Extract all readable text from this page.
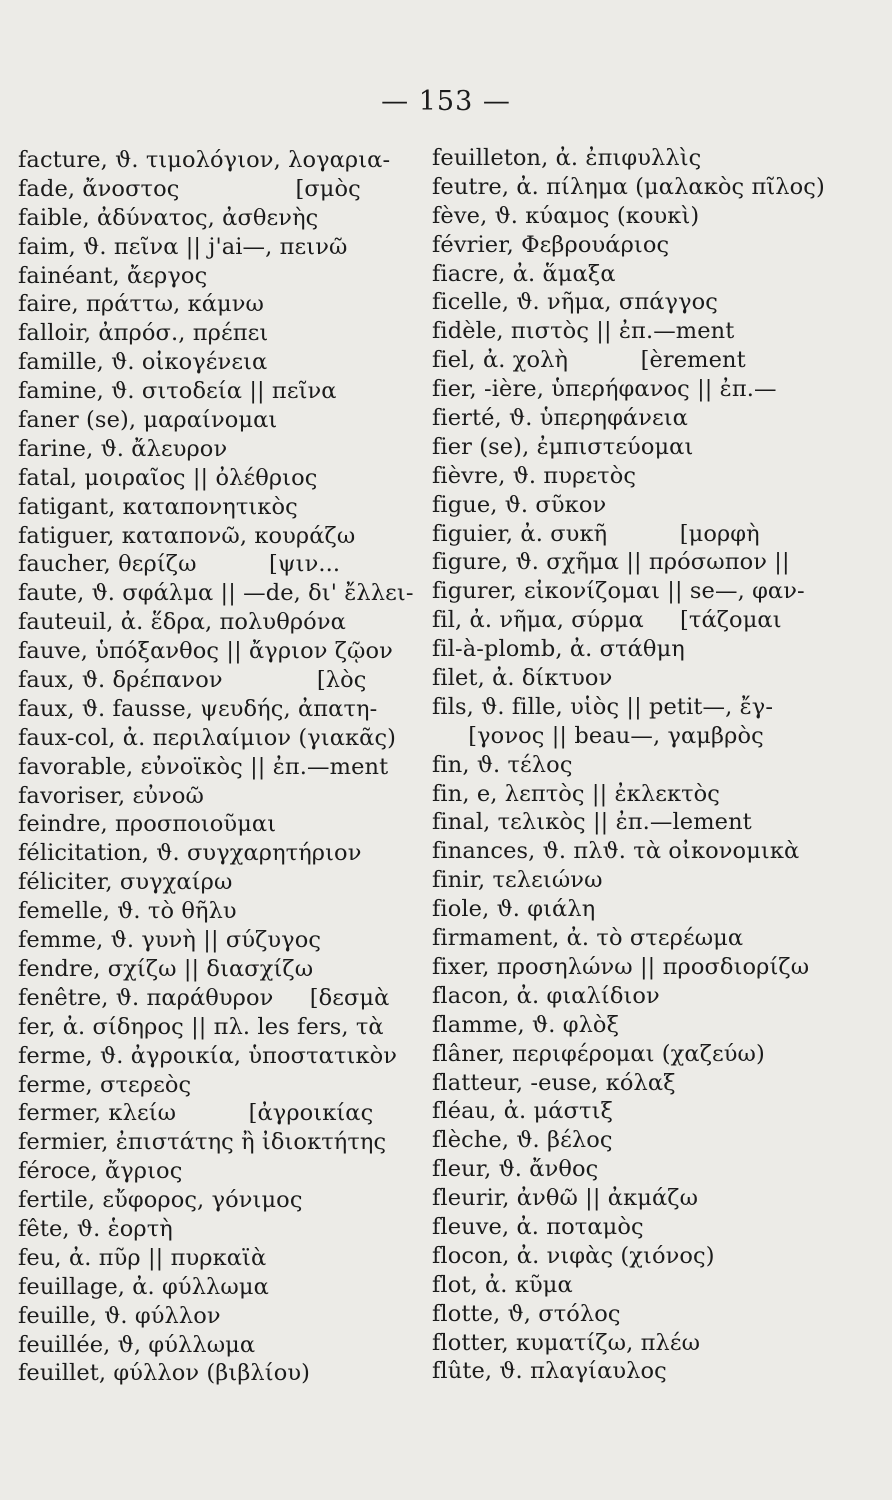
— 153 —
facture, ϑ. τιμολόγιον, λογαρια-
fade, ἄνοστος                [σμὸς
faible, ἀδύνατος, ἀσθενὴς
faim, ϑ. πεῖνα || j'ai—, πεινῶ
fainéant, ἄεργος
faire, πράττω, κάμνω
falloir, ἀπρόσ., πρέπει
famille, ϑ. οἰκογένεια
famine, ϑ. σιτοδεία || πεῖνα
faner (se), μαραίνομαι
farine, ϑ. ἄλευρον
fatal, μοιραῖος || ὀλέθριος
fatigant, καταπονητικὸς
fatiguer, καταπονῶ, κουράζω
faucher, θερίζω          [ψιν...
faute, ϑ. σφάλμα || —de, δι' ἔλλει-
fauteuil, ἀ. ἕδρα, πολυθρόνα
fauve, ὑπόξανθος || ἄγριον ζῷον
faux, ϑ. δρέπανον             [λὸς
faux, ϑ. fausse, ψευδής, ἀπατη-
faux-col, ἀ. περιλαίμιον (γιακᾶς)
favorable, εὐνοϊκὸς || ἐπ.—ment
favoriser, εὐνοῶ
feindre, προσποιοῦμαι
félicitation, ϑ. συγχαρητήριον
féliciter, συγχαίρω
femelle, ϑ. τὸ θῆλυ
femme, ϑ. γυνὴ || σύζυγος
fendre, σχίζω || διασχίζω
fenêtre, ϑ. παράθυρον     [δεσμὰ
fer, ἀ. σίδηρος || πλ. les fers, τὰ
ferme, ϑ. ἀγροικία, ὑποστατικὸν
ferme, στερεὸς
fermer, κλείω          [ἀγροικίας
fermier, ἐπιστάτης ἢ ἰδιοκτήτης
féroce, ἄγριος
fertile, εὔφορος, γόνιμος
fête, ϑ. ἑορτὴ
feu, ἀ. πῦρ || πυρκαϊὰ
feuillage, ἀ. φύλλωμα
feuille, ϑ. φύλλον
feuillée, ϑ, φύλλωμα
feuillet, φύλλον (βιβλίου)
feuilleton, ἀ. ἐπιφυλλὶς
feutre, ἀ. πίλημα (μαλακὸς πῖλος)
fève, ϑ. κύαμος (κουκὶ)
février, Φεβρουάριος
fiacre, ἀ. ἅμαξα
ficelle, ϑ. νῆμα, σπάγγος
fidèle, πιστὸς || ἐπ.—ment
fiel, ἀ. χολὴ          [èrement
fier, -ière, ὑπερήφανος || ἐπ.—
fierté, ϑ. ὑπερηφάνεια
fier (se), ἐμπιστεύομαι
fièvre, ϑ. πυρετὸς
figue, ϑ. σῦκον
figuier, ἀ. συκῆ          [μορφὴ
figure, ϑ. σχῆμα || πρόσωπον ||
figurer, εἰκονίζομαι || se—, φαν-
fil, ἀ. νῆμα, σύρμα     [τάζομαι
fil-à-plomb, ἀ. στάθμη
filet, ἀ. δίκτυον
fils, ϑ. fille, υἱὸς || petit—, ἔγ-
[γονος || beau—, γαμβρὸς
fin, ϑ. τέλος
fin, e, λεπτὸς || ἐκλεκτὸς
final, τελικὸς || ἐπ.—lement
finances, ϑ. πλϑ. τὰ οἰκονομικὰ
finir, τελειώνω
fiole, ϑ. φιάλη
firmament, ἀ. τὸ στερέωμα
fixer, προσηλώνω || προσδιορίζω
flacon, ἀ. φιαλίδιον
flamme, ϑ. φλὸξ
flâner, περιφέρομαι (χαζεύω)
flatteur, -euse, κόλαξ
fléau, ἀ. μάστιξ
flèche, ϑ. βέλος
fleur, ϑ. ἄνθος
fleurir, ἀνθῶ || ἀκμάζω
fleuve, ἀ. ποταμὸς
flocon, ἀ. νιφὰς (χιόνος)
flot, ἀ. κῦμα
flotte, ϑ, στόλος
flotter, κυματίζω, πλέω
flûte, ϑ. πλαγίαυλος
